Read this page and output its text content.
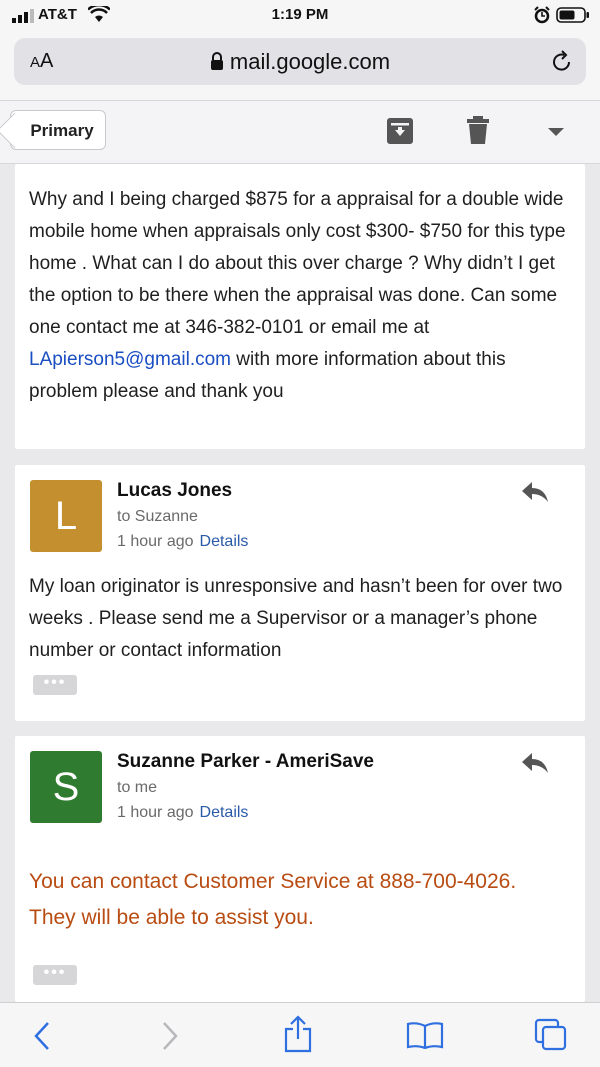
AT&T	1:19 PM
AA	mail.google.com
Primary
Why and I being charged $875 for a appraisal for a double wide mobile home when appraisals only cost $300- $750 for this type home . What can I do about this over charge ? Why didn’t I get the option to be there when the appraisal was done. Can some one contact me at 346-382-0101 or email me at LApierson5@gmail.com with more information about this problem please and thank you
L
Lucas Jones
to Suzanne
1 hour ago Details
My loan originator is unresponsive and hasn’t been for over two weeks . Please send me a Supervisor or a manager’s phone number or contact information
•••
S
Suzanne Parker - AmeriSave
to me
1 hour ago Details
You can contact Customer Service at 888-700-4026. They will be able to assist you.
•••
